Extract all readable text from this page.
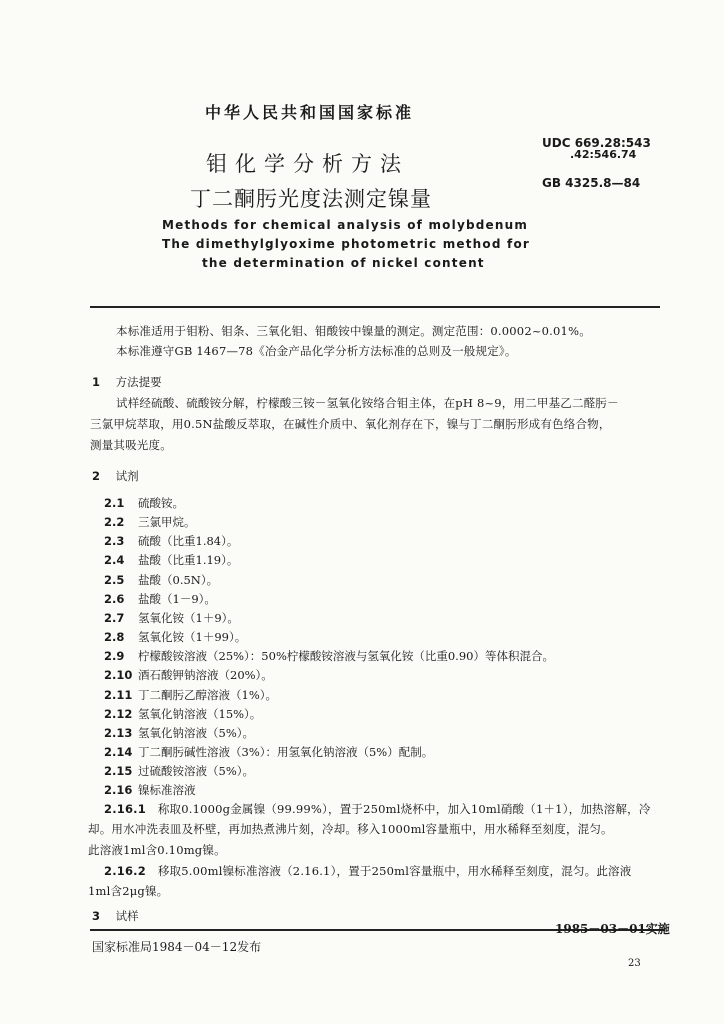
中华人民共和国国家标准
钼化学分析方法
丁二酮肟光度法测定镍量
UDC 669.28:543
.42:546.74
GB 4325.8—84
Methods for chemical analysis of molybdenum
The dimethylglyoxime photometric method for
the determination of nickel content
本标准适用于钼粉、钼条、三氧化钼、钼酸铵中镍量的测定。测定范围：0.0002~0.01%。
本标准遵守GB 1467—78《冶金产品化学分析方法标准的总则及一般规定》。
1 方法提要
试样经硫酸、硫酸铵分解，柠檬酸三铵－氢氧化铵络合钼主体，在pH 8~9，用二甲基乙二醛肟－
三氯甲烷萃取，用0.5N盐酸反萃取，在碱性介质中、氧化剂存在下，镍与丁二酮肟形成有色络合物，
测量其吸光度。
2 试剂
2.1 硫酸铵。
2.2 三氯甲烷。
2.3 硫酸（比重1.84）。
2.4 盐酸（比重1.19）。
2.5 盐酸（0.5N）。
2.6 盐酸（1－9）。
2.7 氢氧化铵（1＋9）。
2.8 氢氧化铵（1＋99）。
2.9 柠檬酸铵溶液（25%）：50%柠檬酸铵溶液与氢氧化铵（比重0.90）等体积混合。
2.10 酒石酸钾钠溶液（20%）。
2.11 丁二酮肟乙醇溶液（1%）。
2.12 氢氧化钠溶液（15%）。
2.13 氢氧化钠溶液（5%）。
2.14 丁二酮肟碱性溶液（3%）：用氢氧化钠溶液（5%）配制。
2.15 过硫酸铵溶液（5%）。
2.16 镍标准溶液
2.16.1 称取0.1000g金属镍（99.99%），置于250ml烧杯中，加入10ml硝酸（1＋1），加热溶解，冷
却。用水冲洗表皿及杯壁，再加热煮沸片刻，冷却。移入1000ml容量瓶中，用水稀释至刻度，混匀。
此溶液1ml含0.10mg镍。
2.16.2 移取5.00ml镍标准溶液（2.16.1），置于250ml容量瓶中，用水稀释至刻度，混匀。此溶液
1ml含2μg镍。
3 试样
国家标准局1984－04－12发布
1985－03－01实施
23
